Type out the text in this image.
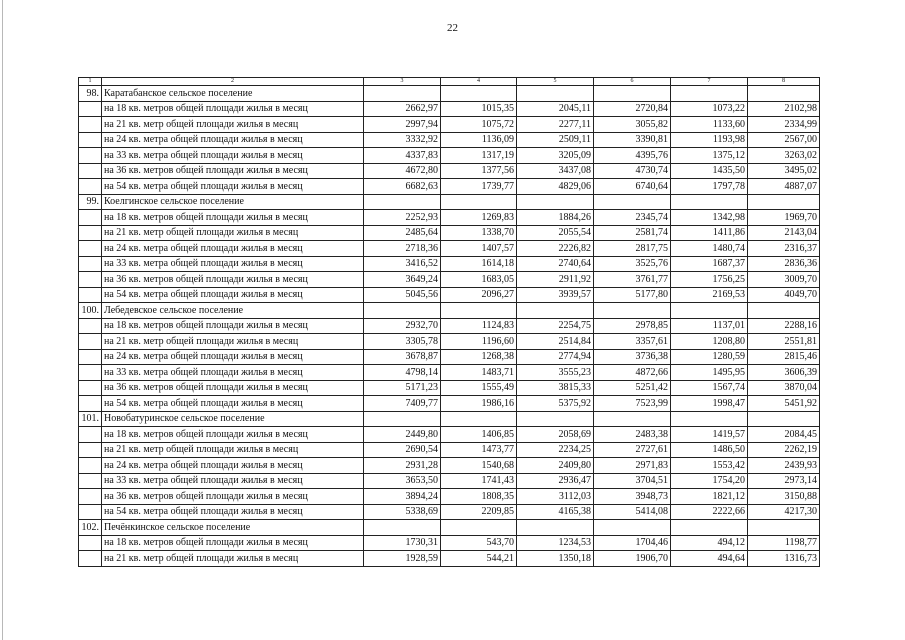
22
1	2	3	4	5	6	7	8
98.	Каратабанское сельское поселение						
	на 18 кв. метров общей площади жилья в месяц	2662,97	1015,35	2045,11	2720,84	1073,22	2102,98
	на 21 кв. метр общей площади жилья в месяц	2997,94	1075,72	2277,11	3055,82	1133,60	2334,99
	на 24 кв. метра общей площади жилья в месяц	3332,92	1136,09	2509,11	3390,81	1193,98	2567,00
	на 33 кв. метра общей площади жилья в месяц	4337,83	1317,19	3205,09	4395,76	1375,12	3263,02
	на 36 кв. метров общей площади жилья в месяц	4672,80	1377,56	3437,08	4730,74	1435,50	3495,02
	на 54 кв. метра общей площади жилья в месяц	6682,63	1739,77	4829,06	6740,64	1797,78	4887,07
99.	Коелгинское сельское поселение						
	на 18 кв. метров общей площади жилья в месяц	2252,93	1269,83	1884,26	2345,74	1342,98	1969,70
	на 21 кв. метр общей площади жилья в месяц	2485,64	1338,70	2055,54	2581,74	1411,86	2143,04
	на 24 кв. метра общей площади жилья в месяц	2718,36	1407,57	2226,82	2817,75	1480,74	2316,37
	на 33 кв. метра общей площади жилья в месяц	3416,52	1614,18	2740,64	3525,76	1687,37	2836,36
	на 36 кв. метров общей площади жилья в месяц	3649,24	1683,05	2911,92	3761,77	1756,25	3009,70
	на 54 кв. метра общей площади жилья в месяц	5045,56	2096,27	3939,57	5177,80	2169,53	4049,70
100.	Лебедевское сельское поселение						
	на 18 кв. метров общей площади жилья в месяц	2932,70	1124,83	2254,75	2978,85	1137,01	2288,16
	на 21 кв. метр общей площади жилья в месяц	3305,78	1196,60	2514,84	3357,61	1208,80	2551,81
	на 24 кв. метра общей площади жилья в месяц	3678,87	1268,38	2774,94	3736,38	1280,59	2815,46
	на 33 кв. метра общей площади жилья в месяц	4798,14	1483,71	3555,23	4872,66	1495,95	3606,39
	на 36 кв. метров общей площади жилья в месяц	5171,23	1555,49	3815,33	5251,42	1567,74	3870,04
	на 54 кв. метра общей площади жилья в месяц	7409,77	1986,16	5375,92	7523,99	1998,47	5451,92
101.	Новобатуринское сельское поселение						
	на 18 кв. метров общей площади жилья в месяц	2449,80	1406,85	2058,69	2483,38	1419,57	2084,45
	на 21 кв. метр общей площади жилья в месяц	2690,54	1473,77	2234,25	2727,61	1486,50	2262,19
	на 24 кв. метра общей площади жилья в месяц	2931,28	1540,68	2409,80	2971,83	1553,42	2439,93
	на 33 кв. метра общей площади жилья в месяц	3653,50	1741,43	2936,47	3704,51	1754,20	2973,14
	на 36 кв. метров общей площади жилья в месяц	3894,24	1808,35	3112,03	3948,73	1821,12	3150,88
	на 54 кв. метра общей площади жилья в месяц	5338,69	2209,85	4165,38	5414,08	2222,66	4217,30
102.	Печёнкинское сельское поселение						
	на 18 кв. метров общей площади жилья в месяц	1730,31	543,70	1234,53	1704,46	494,12	1198,77
	на 21 кв. метр общей площади жилья в месяц	1928,59	544,21	1350,18	1906,70	494,64	1316,73
